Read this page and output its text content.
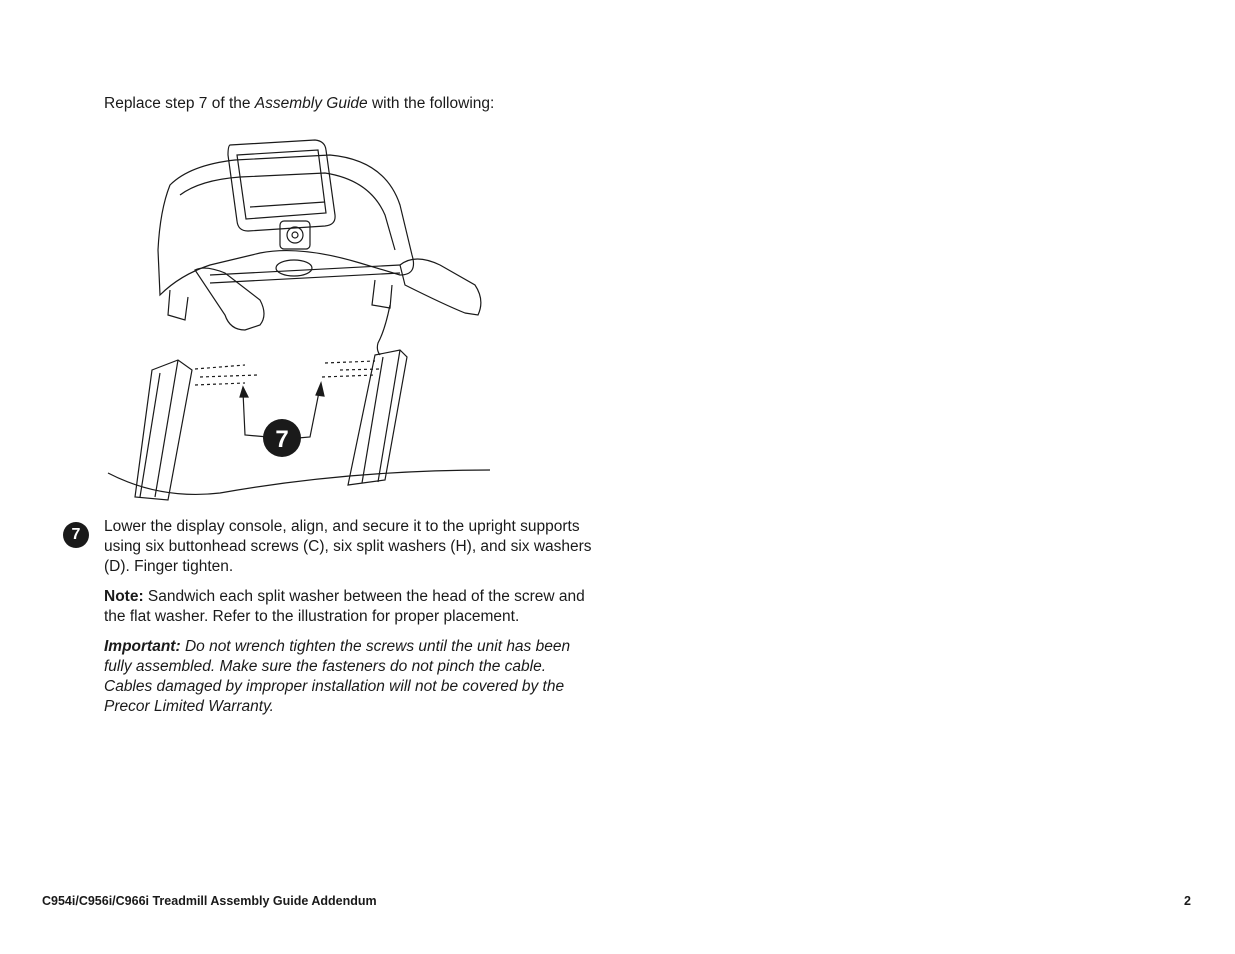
Replace step 7 of the Assembly Guide with the following:
7
7	Lower the display console, align, and secure it to the upright supports using six buttonhead screws (C), six split washers (H), and six washers (D). Finger tighten.

Note: Sandwich each split washer between the head of the screw and the flat washer. Refer to the illustration for proper placement.

Important: Do not wrench tighten the screws until the unit has been fully assembled. Make sure the fasteners do not pinch the cable. Cables damaged by improper installation will not be covered by the Precor Limited Warranty.

C954i/C956i/C966i Treadmill Assembly Guide Addendum	2
